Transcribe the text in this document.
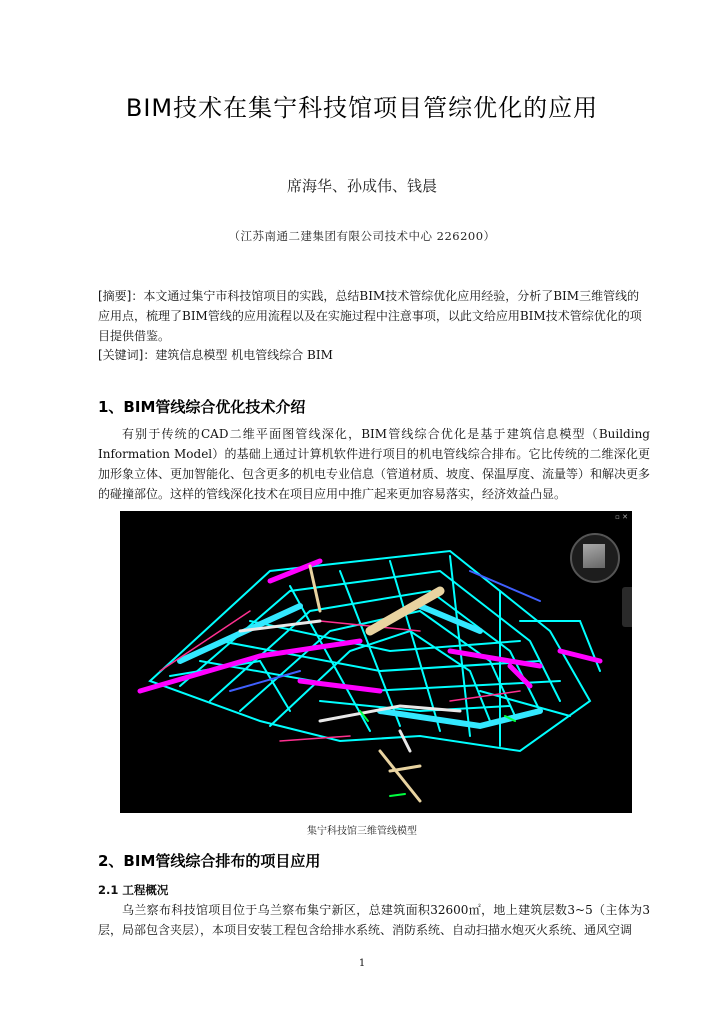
BIM技术在集宁科技馆项目管综优化的应用
席海华、孙成伟、钱晨
（江苏南通二建集团有限公司技术中心 226200）
[摘要]：本文通过集宁市科技馆项目的实践，总结BIM技术管综优化应用经验，分析了BIM三维管线的应用点，梳理了BIM管线的应用流程以及在实施过程中注意事项，以此文给应用BIM技术管综优化的项目提供借鉴。
[关键词]：建筑信息模型 机电管线综合 BIM
1、BIM管线综合优化技术介绍
有别于传统的CAD二维平面图管线深化，BIM管线综合优化是基于建筑信息模型（Building Information Model）的基础上通过计算机软件进行项目的机电管线综合排布。它比传统的二维深化更加形象立体、更加智能化、包含更多的机电专业信息（管道材质、坡度、保温厚度、流量等）和解决更多的碰撞部位。这样的管线深化技术在项目应用中推广起来更加容易落实，经济效益凸显。
▫ ✕
集宁科技馆三维管线模型
2、BIM管线综合排布的项目应用
2.1 工程概况
乌兰察布科技馆项目位于乌兰察布集宁新区，总建筑面积32600㎡，地上建筑层数3~5（主体为3层，局部包含夹层），本项目安装工程包含给排水系统、消防系统、自动扫描水炮灭火系统、通风空调
1
